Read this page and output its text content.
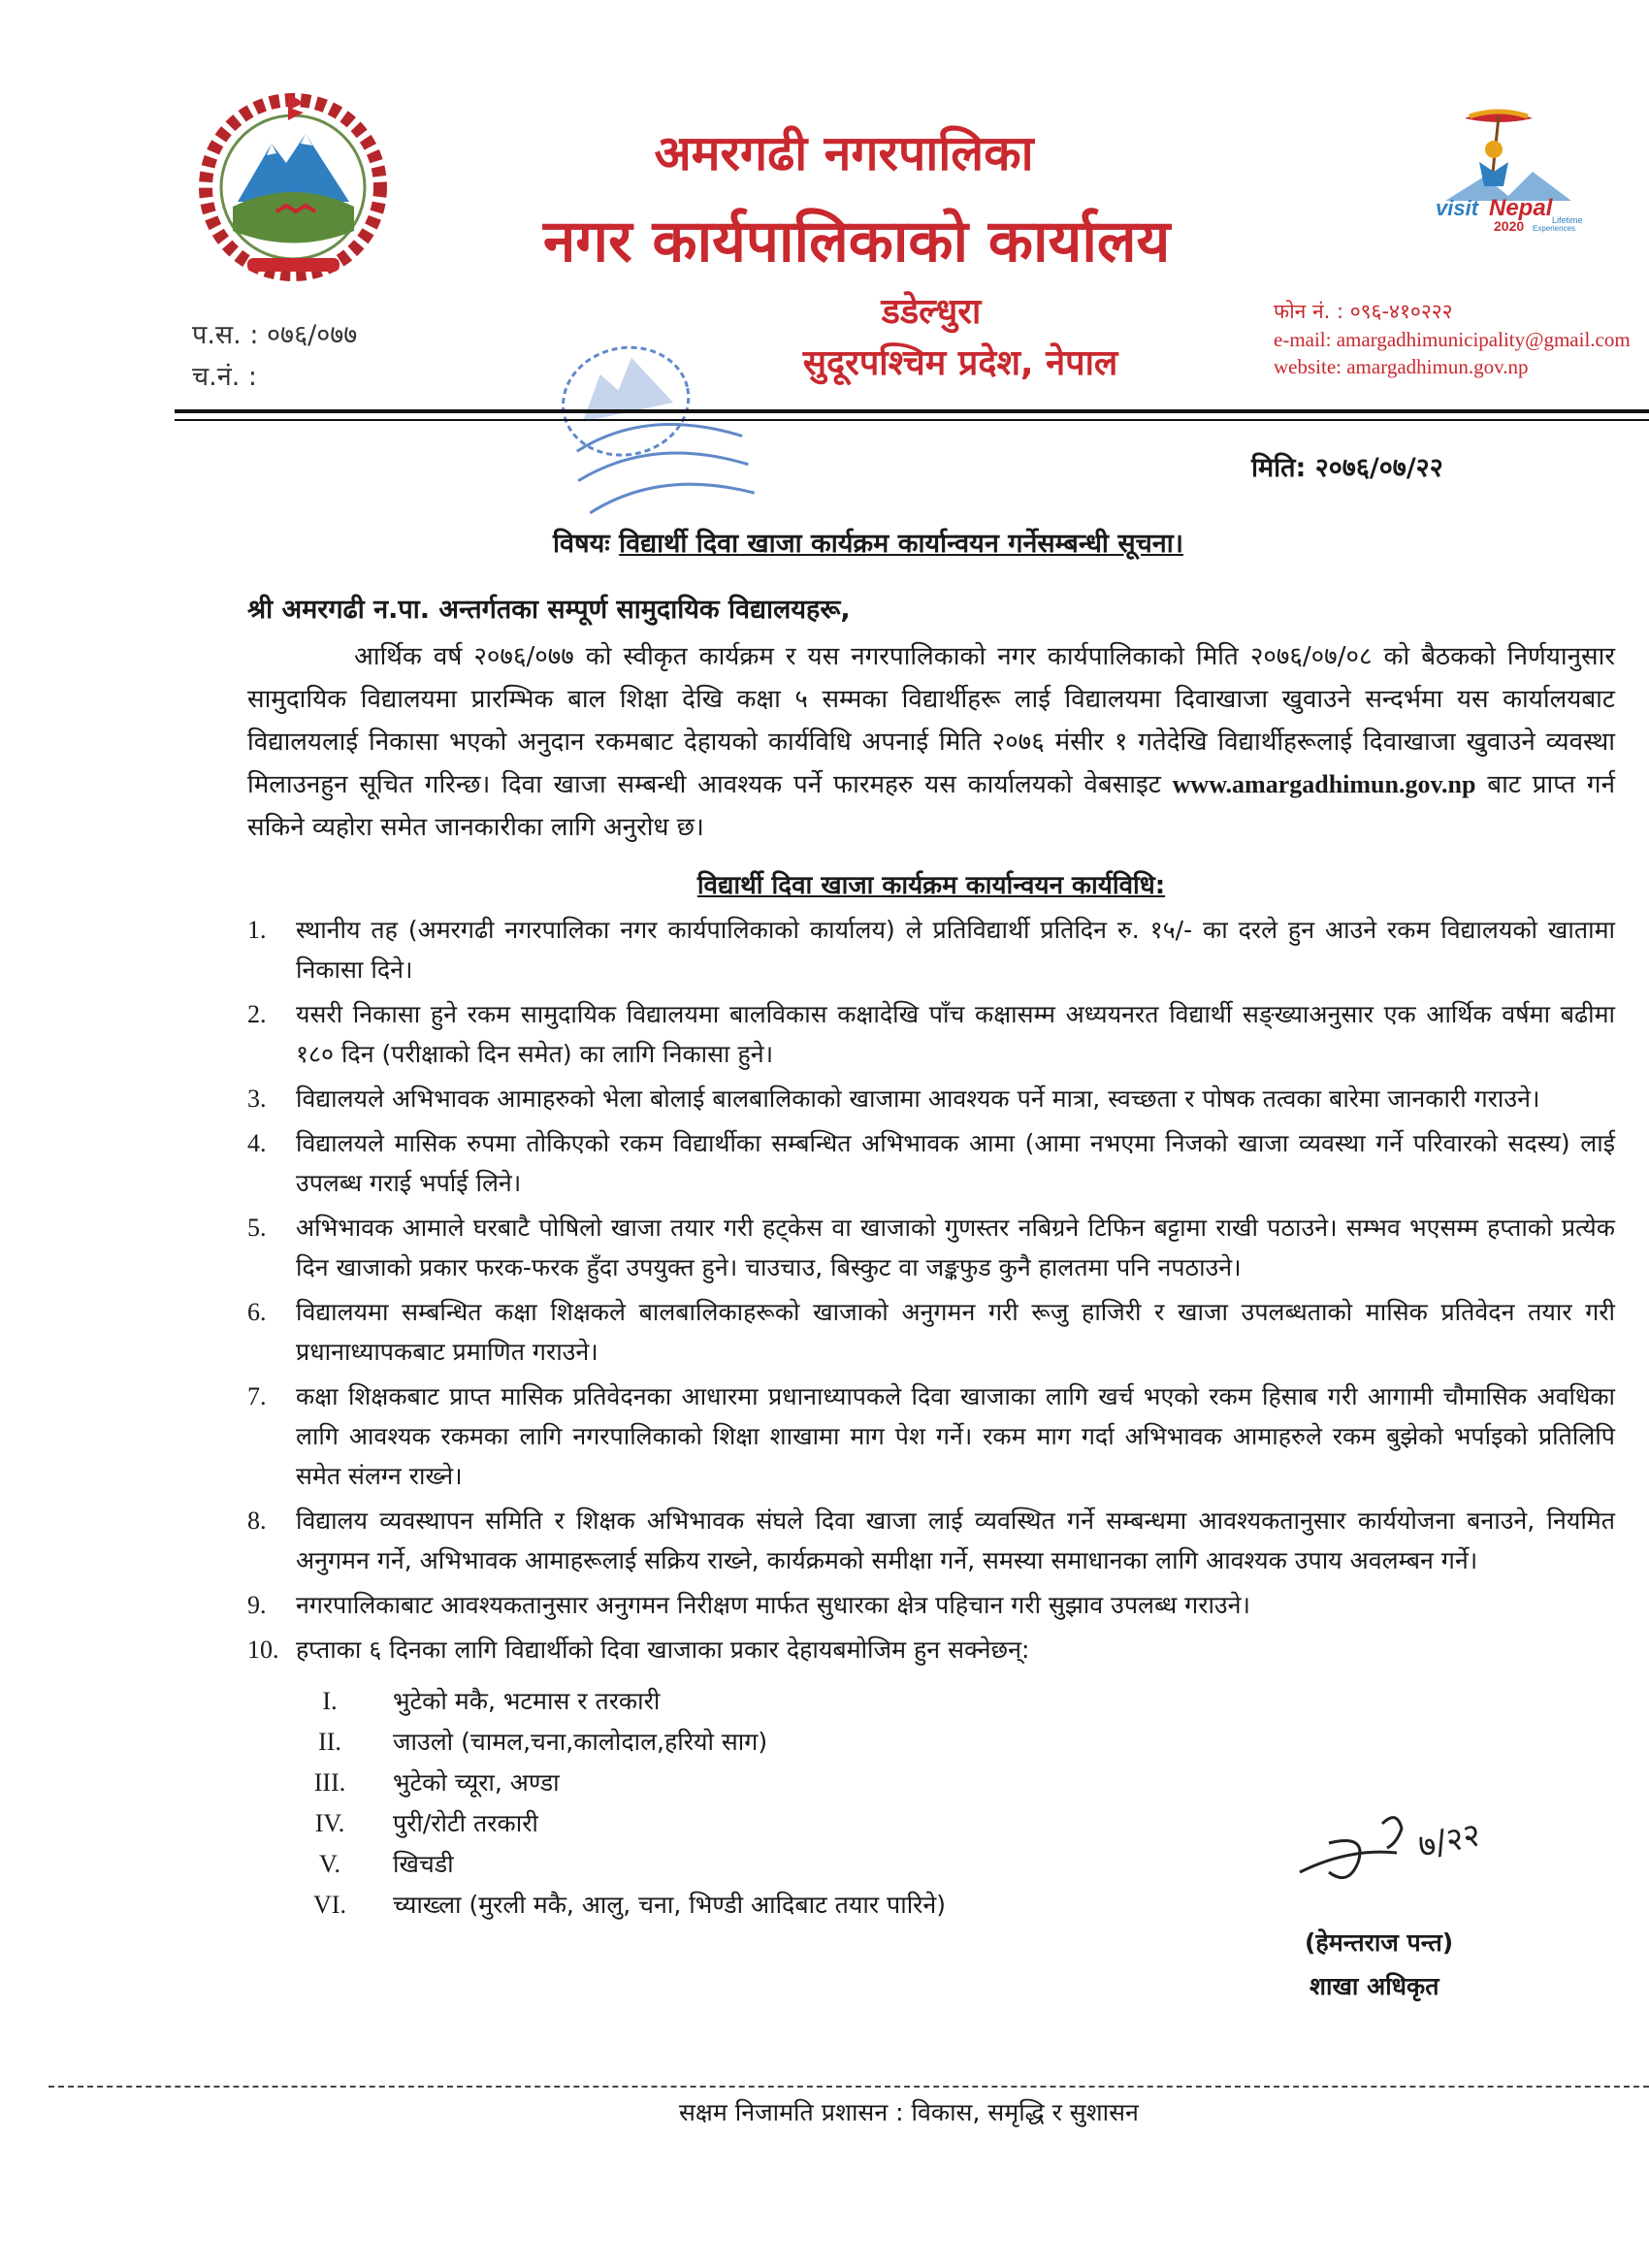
अमरगढी नगरपालिका
नगर कार्यपालिकाको कार्यालय
डडेल्धुरा
सुदूरपश्चिम प्रदेश, नेपाल
visit Nepal Lifetime
2020 Experiences
प.स. : ०७६/०७७
च.नं. :
फोन नं. : ०९६-४१०२२२
e-mail: amargadhimunicipality@gmail.com
website: amargadhimun.gov.np
मिति: २०७६/०७/२२
विषयः विद्यार्थी दिवा खाजा कार्यक्रम कार्यान्वयन गर्नेसम्बन्धी सूचना।
श्री अमरगढी न.पा. अन्तर्गतका सम्पूर्ण सामुदायिक विद्यालयहरू,
आर्थिक वर्ष २०७६/०७७ को स्वीकृत कार्यक्रम र यस नगरपालिकाको नगर कार्यपालिकाको मिति २०७६/०७/०८ को बैठकको निर्णयानुसार सामुदायिक विद्यालयमा प्रारम्भिक बाल शिक्षा देखि कक्षा ५ सम्मका विद्यार्थीहरू लाई विद्यालयमा दिवाखाजा खुवाउने सन्दर्भमा यस कार्यालयबाट विद्यालयलाई निकासा भएको अनुदान रकमबाट देहायको कार्यविधि अपनाई मिति २०७६ मंसीर १ गतेदेखि विद्यार्थीहरूलाई दिवाखाजा खुवाउने व्यवस्था मिलाउनहुन सूचित गरिन्छ। दिवा खाजा सम्बन्धी आवश्यक पर्ने फारमहरु यस कार्यालयको वेबसाइट www.amargadhimun.gov.np बाट प्राप्त गर्न सकिने व्यहोरा समेत जानकारीका लागि अनुरोध छ।
विद्यार्थी दिवा खाजा कार्यक्रम कार्यान्वयन कार्यविधि:
1. स्थानीय तह (अमरगढी नगरपालिका नगर कार्यपालिकाको कार्यालय) ले प्रतिविद्यार्थी प्रतिदिन रु. १५/- का दरले हुन आउने रकम विद्यालयको खातामा निकासा दिने।
2. यसरी निकासा हुने रकम सामुदायिक विद्यालयमा बालविकास कक्षादेखि पाँच कक्षासम्म अध्ययनरत विद्यार्थी सङ्ख्याअनुसार एक आर्थिक वर्षमा बढीमा १८० दिन (परीक्षाको दिन समेत) का लागि निकासा हुने।
3. विद्यालयले अभिभावक आमाहरुको भेला बोलाई बालबालिकाको खाजामा आवश्यक पर्ने मात्रा, स्वच्छता र पोषक तत्वका बारेमा जानकारी गराउने।
4. विद्यालयले मासिक रुपमा तोकिएको रकम विद्यार्थीका सम्बन्धित अभिभावक आमा (आमा नभएमा निजको खाजा व्यवस्था गर्ने परिवारको सदस्य) लाई उपलब्ध गराई भर्पाई लिने।
5. अभिभावक आमाले घरबाटै पोषिलो खाजा तयार गरी हट्केस वा खाजाको गुणस्तर नबिग्रने टिफिन बट्टामा राखी पठाउने। सम्भव भएसम्म हप्ताको प्रत्येक दिन खाजाको प्रकार फरक-फरक हुँदा उपयुक्त हुने। चाउचाउ, बिस्कुट वा जङ्कफुड कुनै हालतमा पनि नपठाउने।
6. विद्यालयमा सम्बन्धित कक्षा शिक्षकले बालबालिकाहरूको खाजाको अनुगमन गरी रूजु हाजिरी र खाजा उपलब्धताको मासिक प्रतिवेदन तयार गरी प्रधानाध्यापकबाट प्रमाणित गराउने।
7. कक्षा शिक्षकबाट प्राप्त मासिक प्रतिवेदनका आधारमा प्रधानाध्यापकले दिवा खाजाका लागि खर्च भएको रकम हिसाब गरी आगामी चौमासिक अवधिका लागि आवश्यक रकमका लागि नगरपालिकाको शिक्षा शाखामा माग पेश गर्ने। रकम माग गर्दा अभिभावक आमाहरुले रकम बुझेको भर्पाइको प्रतिलिपि समेत संलग्न राख्ने।
8. विद्यालय व्यवस्थापन समिति र शिक्षक अभिभावक संघले दिवा खाजा लाई व्यवस्थित गर्ने सम्बन्धमा आवश्यकतानुसार कार्ययोजना बनाउने, नियमित अनुगमन गर्ने, अभिभावक आमाहरूलाई सक्रिय राख्ने, कार्यक्रमको समीक्षा गर्ने, समस्या समाधानका लागि आवश्यक उपाय अवलम्बन गर्ने।
9. नगरपालिकाबाट आवश्यकतानुसार अनुगमन निरीक्षण मार्फत सुधारका क्षेत्र पहिचान गरी सुझाव उपलब्ध गराउने।
10. हप्ताका ६ दिनका लागि विद्यार्थीको दिवा खाजाका प्रकार देहायबमोजिम हुन सक्नेछन्:
I.	भुटेको मकै, भटमास र तरकारी
II.	जाउलो (चामल,चना,कालोदाल,हरियो साग)
III. भुटेको च्यूरा, अण्डा
IV. पुरी/रोटी तरकारी
V.	खिचडी
VI. च्याख्ला (मुरली मकै, आलु, चना, भिण्डी आदिबाट तयार पारिने)
७/२२
(हेमन्तराज पन्त)
शाखा अधिकृत
सक्षम निजामति प्रशासन : विकास, समृद्धि र सुशासन
